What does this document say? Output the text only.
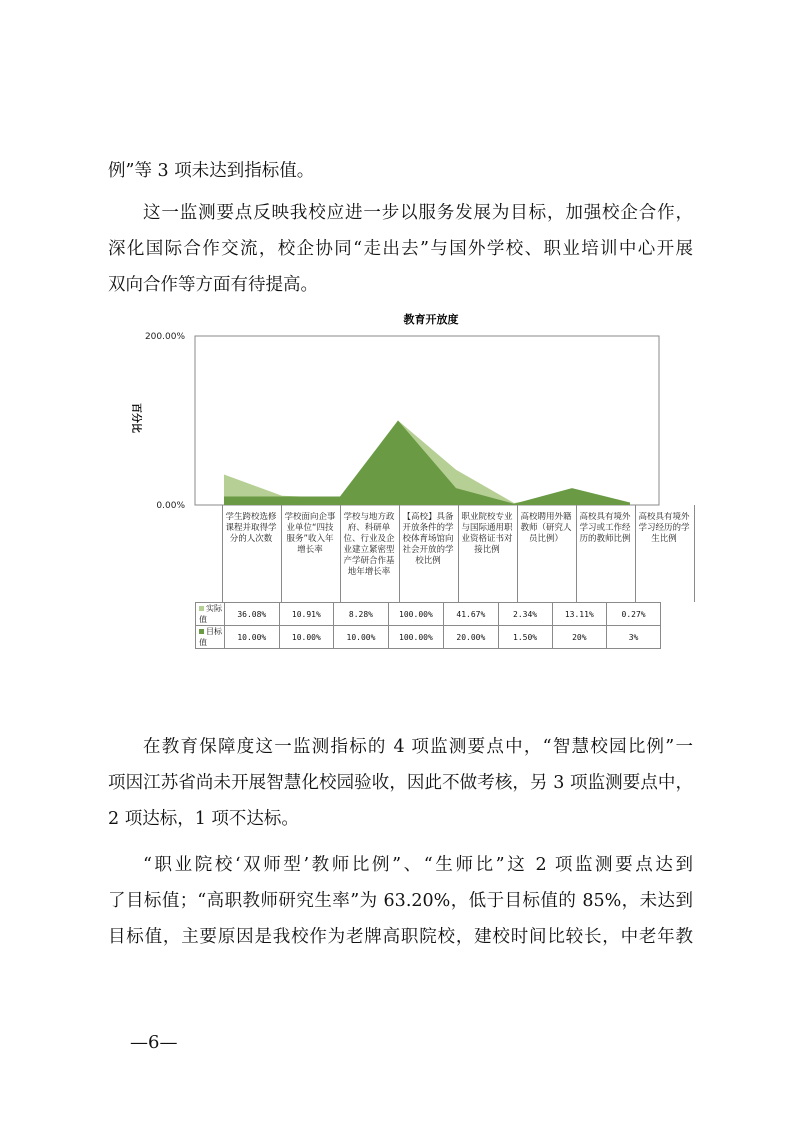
例”等 3 项未达到指标值。

这一监测要点反映我校应进一步以服务发展为目标，加强校企合作，
深化国际合作交流，校企协同“走出去”与国外学校、职业培训中心开展
双向合作等方面有待提高。

教育开放度
百分比
200.00%
0.00%
学生跨校选修课程并取得学分的人次数
学校面向企事业单位“四技服务”收入年增长率
学校与地方政府、科研单位、行业及企业建立紧密型产学研合作基地年增长率
【高校】具备开放条件的学校体育场馆向社会开放的学校比例
职业院校专业与国际通用职业资格证书对接比例
高校聘用外籍教师（研究人员比例）
高校具有境外学习或工作经历的教师比例
高校具有境外学习经历的学生比例
实际值	36.08%	10.91%	8.28%	100.00%	41.67%	2.34%	13.11%	0.27%
目标值	10.00%	10.00%	10.00%	100.00%	20.00%	1.50%	20%	3%

在教育保障度这一监测指标的 4 项监测要点中，“智慧校园比例”一
项因江苏省尚未开展智慧化校园验收，因此不做考核，另 3 项监测要点中，
2 项达标，1 项不达标。

“职业院校‘双师型’教师比例”、“生师比”这 2 项监测要点达到
了目标值；“高职教师研究生率”为 63.20%，低于目标值的 85%，未达到
目标值，主要原因是我校作为老牌高职院校，建校时间比较长，中老年教

—6—
